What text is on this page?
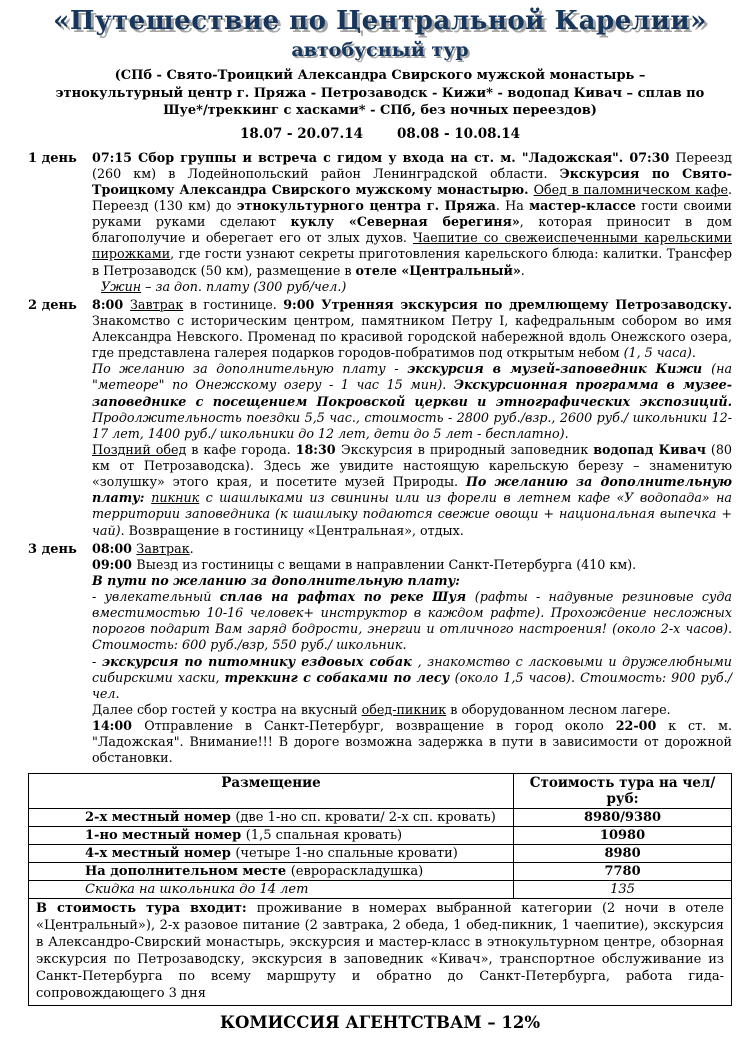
«Путешествие по Центральной Карелии»
автобусный тур
(СПб - Свято-Троицкий Александра Свирского мужской монастырь – этнокультурный центр г. Пряжа - Петрозаводск - Кижи* - водопад Кивач – сплав по Шуе*/треккинг с хасками* - СПб, без ночных переездов)
18.07 - 20.07.14	08.08 - 10.08.14
1 день	07:15 Сбор группы и встреча с гидом у входа на ст. м. "Ладожская". 07:30 Переезд (260 км) в Лодейнопольский район Ленинградской области. Экскурсия по Свято-Троицкому Александра Свирского мужскому монастырю. Обед в паломническом кафе. Переезд (130 км) до этнокультурного центра г. Пряжа. На мастер-классе гости своими руками руками сделают куклу «Северная берегиня», которая приносит в дом благополучие и оберегает его от злых духов. Чаепитие со свежеиспеченными карельскими пирожками, где гости узнают секреты приготовления карельского блюда: калитки. Трансфер в Петрозаводск (50 км), размещение в отеле «Центральный».

Ужин – за доп. плату (300 руб/чел.)

2 день	8:00 Завтрак в гостинице. 9:00 Утренняя экскурсия по дремлющему Петрозаводску. Знакомство с историческим центром, памятником Петру I, кафедральным собором во имя Александра Невского. Променад по красивой городской набережной вдоль Онежского озера, где представлена галерея подарков городов-побратимов под открытым небом (1, 5 часа).

По желанию за дополнительную плату - экскурсия в музей-заповедник Кижи (на "метеоре" по Онежскому озеру - 1 час 15 мин). Экскурсионная программа в музее-заповеднике с посещением Покровской церкви и этнографических экспозиций. Продолжительность поездки 5,5 час., стоимость - 2800 руб./взр., 2600 руб./ школьники 12-17 лет, 1400 руб./ школьники до 12 лет, дети до 5 лет - бесплатно).

Поздний обед в кафе города. 18:30 Экскурсия в природный заповедник водопад Кивач (80 км от Петрозаводска). Здесь же увидите настоящую карельскую березу – знаменитую «золушку» этого края, и посетите музей Природы. По желанию за дополнительную плату: пикник с шашлыками из свинины или из форели в летнем кафе «У водопада» на территории заповедника (к шашлыку подаются свежие овощи + национальная выпечка + чай). Возвращение в гостиницу «Центральная», отдых.

3 день	08:00 Завтрак.

09:00 Выезд из гостиницы с вещами в направлении Санкт-Петербурга (410 км).

В пути по желанию за дополнительную плату:

- увлекательный сплав на рафтах по реке Шуя (рафты - надувные резиновые суда вместимостью 10-16 человек+ инструктор в каждом рафте). Прохождение несложных порогов подарит Вам заряд бодрости, энергии и отличного настроения! (около 2-х часов). Стоимость: 600 руб./взр, 550 руб./ школьник.

- экскурсия по питомнику ездовых собак , знакомство с ласковыми и дружелюбными сибирскими хаски, треккинг с собаками по лесу (около 1,5 часов). Стоимость: 900 руб./чел.

Далее сбор гостей у костра на вкусный обед-пикник в оборудованном лесном лагере.

14:00 Отправление в Санкт-Петербург, возвращение в город около 22-00 к ст. м. "Ладожская". Внимание!!! В дороге возможна задержка в пути в зависимости от дорожной обстановки.

Размещение	Стоимость тура на чел/руб:
2-х местный номер (две 1-но сп. кровати/ 2-х сп. кровать)	8980/9380
1-но местный номер (1,5 спальная кровать)	10980
4-х местный номер (четыре 1-но спальные кровати)	8980
На дополнительном месте (еврораскладушка)	7780
Скидка на школьника до 14 лет	135
В стоимость тура входит: проживание в номерах выбранной категории (2 ночи в отеле «Центральный»), 2-х разовое питание (2 завтрака, 2 обеда, 1 обед-пикник, 1 чаепитие), экскурсия в Александро-Свирский монастырь, экскурсия и мастер-класс в этнокультурном центре, обзорная экскурсия по Петрозаводску, экскурсия в заповедник «Кивач», транспортное обслуживание из Санкт-Петербурга по всему маршруту и обратно до Санкт-Петербурга, работа гида-сопровождающего 3 дня	
КОМИССИЯ АГЕНТСТВАМ – 12%
